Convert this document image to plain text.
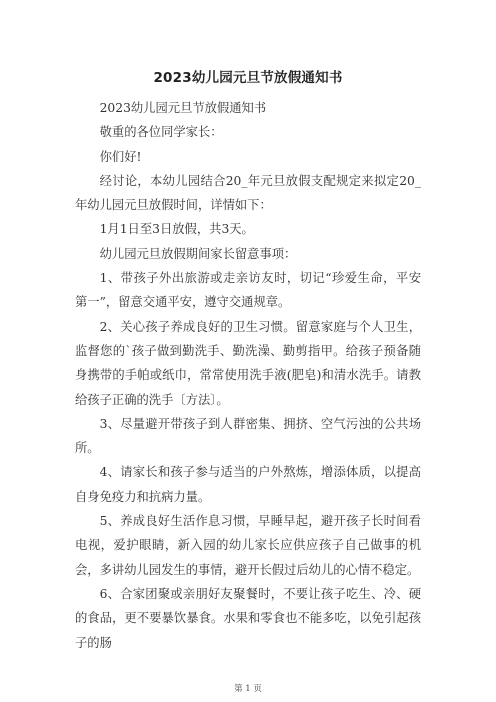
2023幼儿园元旦节放假通知书

2023幼儿园元旦节放假通知书

敬重的各位同学家长：

你们好!

经讨论，本幼儿园结合20_年元旦放假支配规定来拟定20_年幼儿园元旦放假时间，详情如下：

1月1日至3日放假，共3天。

幼儿园元旦放假期间家长留意事项：

1、带孩子外出旅游或走亲访友时，切记“珍爱生命，平安第一”，留意交通平安，遵守交通规章。

2、关心孩子养成良好的卫生习惯。留意家庭与个人卫生，监督您的`孩子做到勤洗手、勤洗澡、勤剪指甲。给孩子预备随身携带的手帕或纸巾，常常使用洗手液(肥皂)和清水洗手。请教给孩子正确的洗手〔方法〕。

3、尽量避开带孩子到人群密集、拥挤、空气污浊的公共场所。

4、请家长和孩子参与适当的户外熬炼，增添体质，以提高自身免疫力和抗病力量。

5、养成良好生活作息习惯，早睡早起，避开孩子长时间看电视，爱护眼睛，新入园的幼儿家长应供应孩子自己做事的机会，多讲幼儿园发生的事情，避开长假过后幼儿的心情不稳定。

6、合家团聚或亲朋好友聚餐时，不要让孩子吃生、冷、硬的食品，更不要暴饮暴食。水果和零食也不能多吃，以免引起孩子的肠

第 1 页
